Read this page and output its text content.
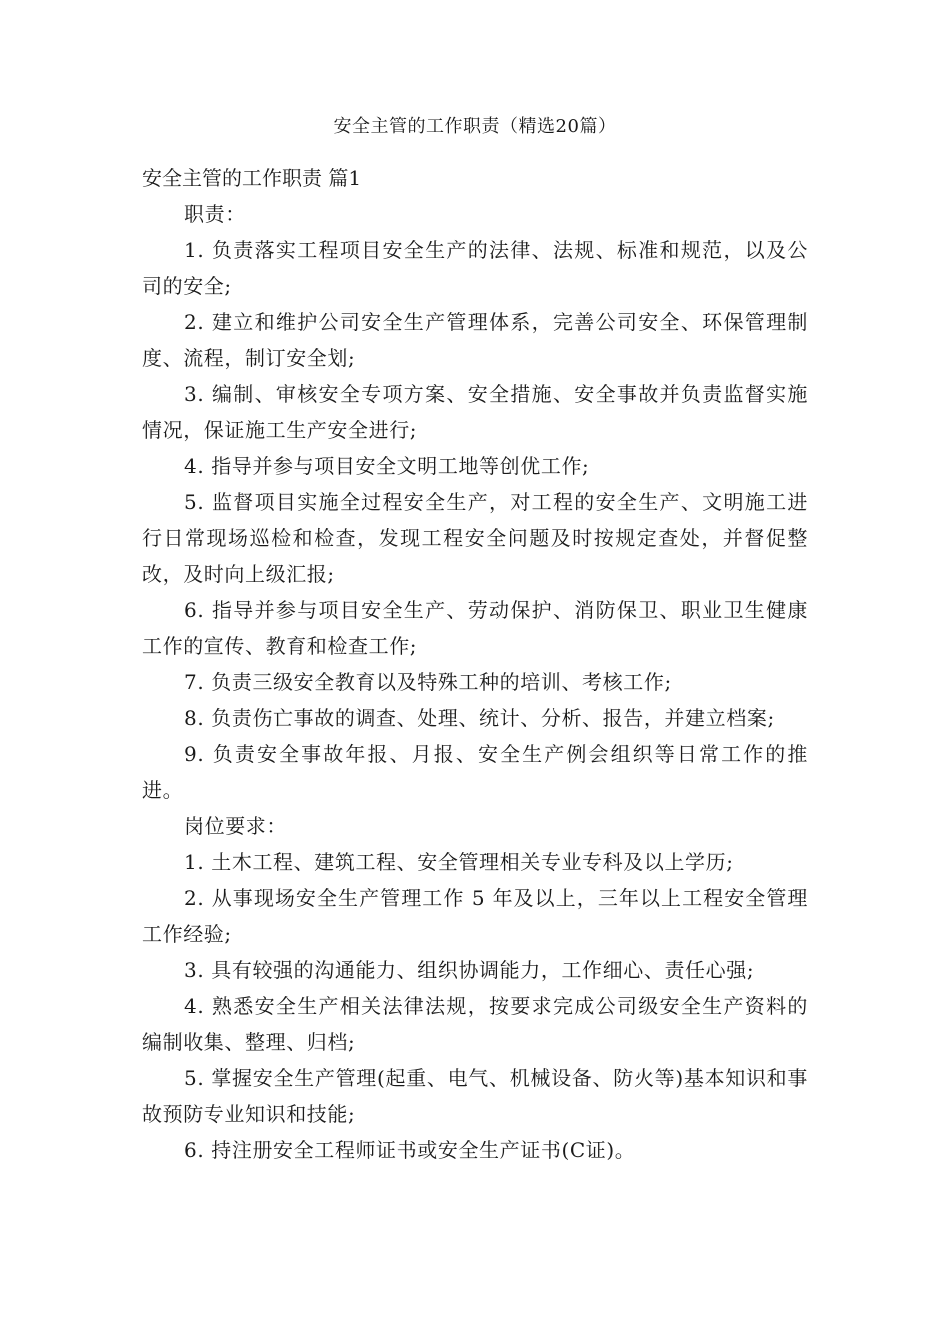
安全主管的工作职责（精选20篇）

安全主管的工作职责 篇1

职责：

1. 负责落实工程项目安全生产的法律、法规、标准和规范，以及公司的安全;

2. 建立和维护公司安全生产管理体系，完善公司安全、环保管理制度、流程，制订安全划;

3. 编制、审核安全专项方案、安全措施、安全事故并负责监督实施情况，保证施工生产安全进行;

4. 指导并参与项目安全文明工地等创优工作;

5. 监督项目实施全过程安全生产，对工程的安全生产、文明施工进行日常现场巡检和检查，发现工程安全问题及时按规定查处，并督促整改，及时向上级汇报;

6. 指导并参与项目安全生产、劳动保护、消防保卫、职业卫生健康工作的宣传、教育和检查工作;

7. 负责三级安全教育以及特殊工种的培训、考核工作;

8. 负责伤亡事故的调查、处理、统计、分析、报告，并建立档案;

9. 负责安全事故年报、月报、安全生产例会组织等日常工作的推进。

岗位要求：

1. 土木工程、建筑工程、安全管理相关专业专科及以上学历;

2. 从事现场安全生产管理工作 5 年及以上，三年以上工程安全管理工作经验;

3. 具有较强的沟通能力、组织协调能力，工作细心、责任心强;

4. 熟悉安全生产相关法律法规，按要求完成公司级安全生产资料的编制收集、整理、归档;

5. 掌握安全生产管理(起重、电气、机械设备、防火等)基本知识和事故预防专业知识和技能;

6. 持注册安全工程师证书或安全生产证书(C证)。
